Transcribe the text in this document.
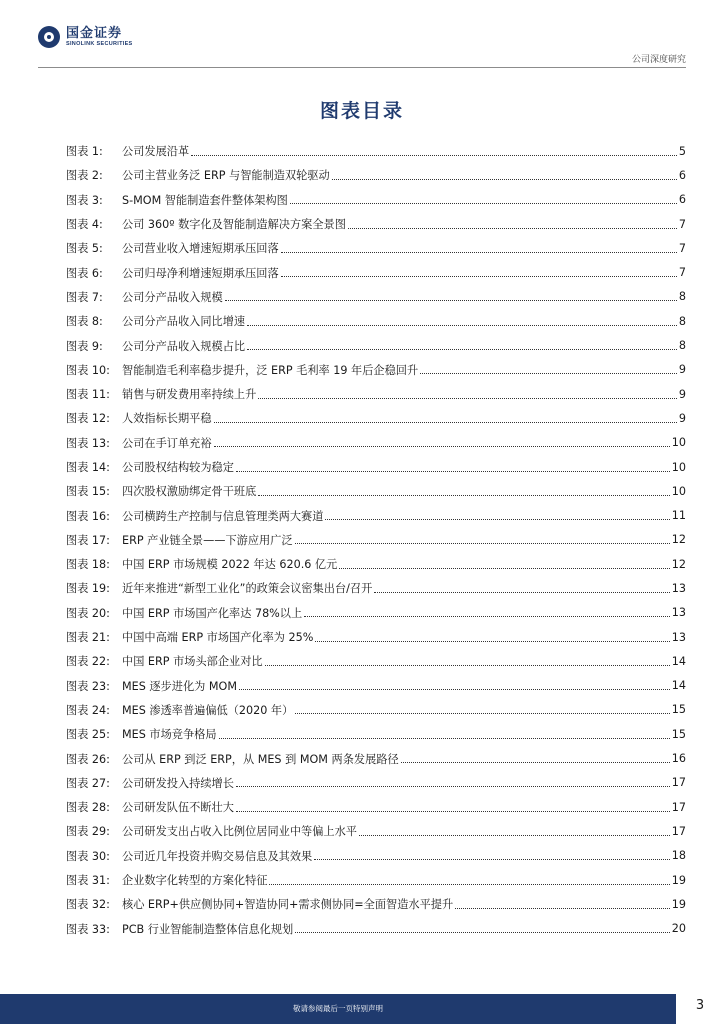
国金证券
SINOLINK SECURITIES
公司深度研究
图表目录
图表 1:	公司发展沿革	5
图表 2:	公司主营业务泛 ERP 与智能制造双轮驱动	6
图表 3:	S-MOM 智能制造套件整体架构图	6
图表 4:	公司 360º 数字化及智能制造解决方案全景图	7
图表 5:	公司营业收入增速短期承压回落	7
图表 6:	公司归母净利增速短期承压回落	7
图表 7:	公司分产品收入规模	8
图表 8:	公司分产品收入同比增速	8
图表 9:	公司分产品收入规模占比	8
图表 10:	智能制造毛利率稳步提升，泛 ERP 毛利率 19 年后企稳回升	9
图表 11:	销售与研发费用率持续上升	9
图表 12:	人效指标长期平稳	9
图表 13:	公司在手订单充裕	10
图表 14:	公司股权结构较为稳定	10
图表 15:	四次股权激励绑定骨干班底	10
图表 16:	公司横跨生产控制与信息管理类两大赛道	11
图表 17:	ERP 产业链全景——下游应用广泛	12
图表 18:	中国 ERP 市场规模 2022 年达 620.6 亿元	12
图表 19:	近年来推进“新型工业化”的政策会议密集出台/召开	13
图表 20:	中国 ERP 市场国产化率达 78%以上	13
图表 21:	中国中高端 ERP 市场国产化率为 25%	13
图表 22:	中国 ERP 市场头部企业对比	14
图表 23:	MES 逐步进化为 MOM	14
图表 24:	MES 渗透率普遍偏低（2020 年）	15
图表 25:	MES 市场竞争格局	15
图表 26:	公司从 ERP 到泛 ERP，从 MES 到 MOM 两条发展路径	16
图表 27:	公司研发投入持续增长	17
图表 28:	公司研发队伍不断壮大	17
图表 29:	公司研发支出占收入比例位居同业中等偏上水平	17
图表 30:	公司近几年投资并购交易信息及其效果	18
图表 31:	企业数字化转型的方案化特征	19
图表 32:	核心 ERP+供应侧协同+智造协同+需求侧协同=全面智造水平提升	19
图表 33:	PCB 行业智能制造整体信息化规划	20
敬请参阅最后一页特别声明	3
